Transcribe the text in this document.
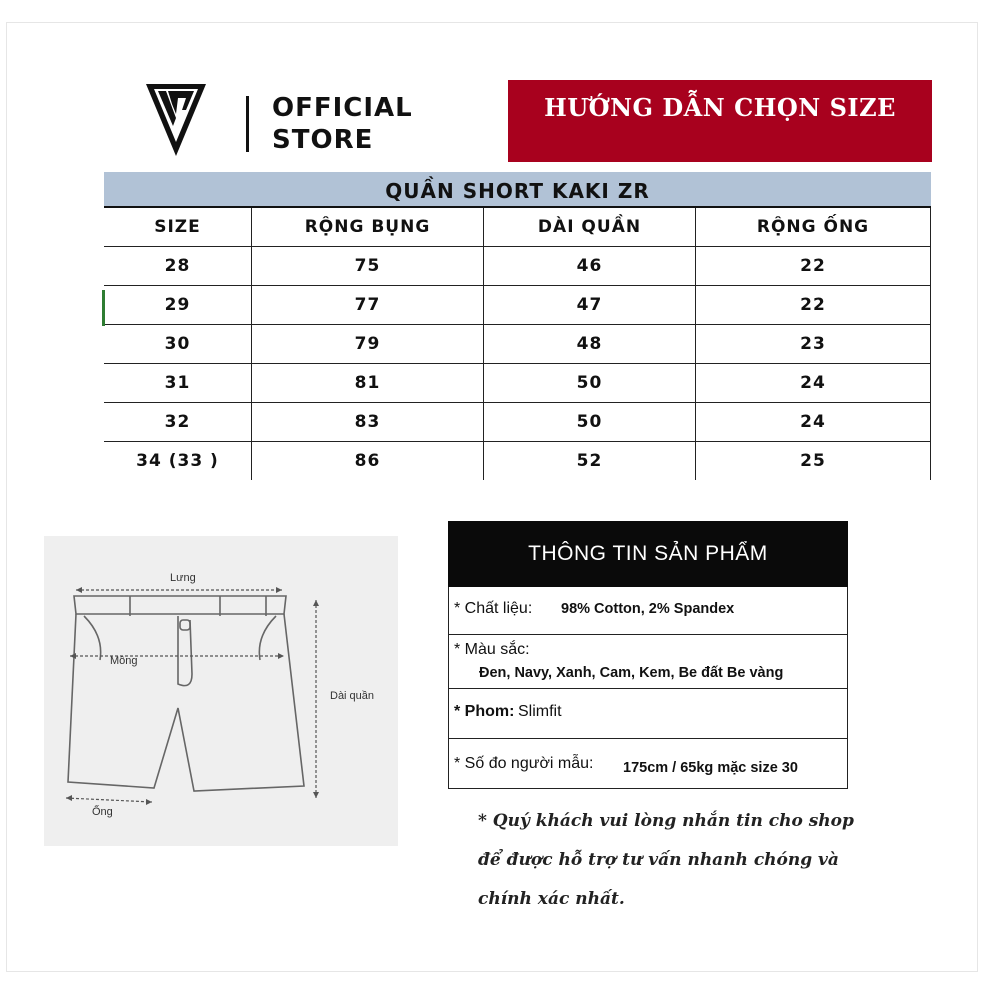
OFFICIAL
STORE
HƯỚNG DẪN CHỌN SIZE
QUẦN SHORT KAKI ZR
SIZE	RỘNG BỤNG	DÀI QUẦN	RỘNG ỐNG
28	75	46	22
29	77	47	22
30	79	48	23
31	81	50	24
32	83	50	24
34 (33 )	86	52	25
Lưng
Mông
Dài quần
Ống
THÔNG TIN SẢN PHẨM
* Chất liệu: 98% Cotton, 2% Spandex
* Màu sắc:
Đen, Navy, Xanh, Cam, Kem, Be đất Be vàng
* Phom: Slimfit
* Số đo người mẫu: 175cm / 65kg mặc size 30
* Quý khách vui lòng nhắn tin cho shop
để được hỗ trợ tư vấn nhanh chóng và
chính xác nhất.
